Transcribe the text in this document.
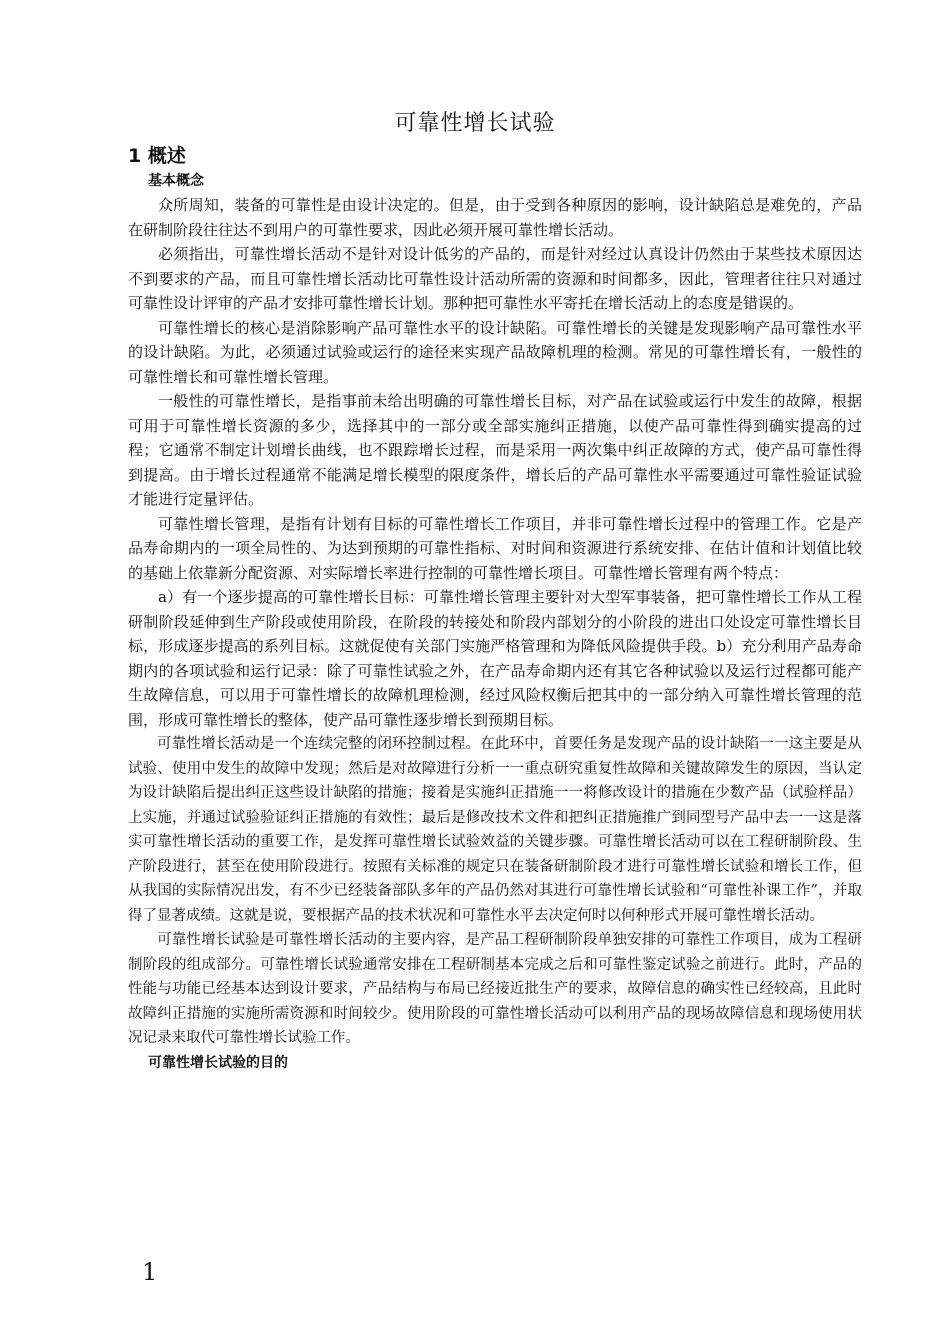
可靠性增长试验
1 概述

基本概念

众所周知，装备的可靠性是由设计决定的。但是，由于受到各种原因的影响，设计缺陷总是难免的，产品在研制阶段往往达不到用户的可靠性要求，因此必须开展可靠性增长活动。

必须指出，可靠性增长活动不是针对设计低劣的产品的，而是针对经过认真设计仍然由于某些技术原因达不到要求的产品，而且可靠性增长活动比可靠性设计活动所需的资源和时间都多，因此，管理者往往只对通过可靠性设计评审的产品才安排可靠性增长计划。那种把可靠性水平寄托在增长活动上的态度是错误的。

可靠性增长的核心是消除影响产品可靠性水平的设计缺陷。可靠性增长的关键是发现影响产品可靠性水平的设计缺陷。为此，必须通过试验或运行的途径来实现产品故障机理的检测。常见的可靠性增长有，一般性的可靠性增长和可靠性增长管理。

一般性的可靠性增长，是指事前未给出明确的可靠性增长目标，对产品在试验或运行中发生的故障，根据可用于可靠性增长资源的多少，选择其中的一部分或全部实施纠正措施，以使产品可靠性得到确实提高的过程；它通常不制定计划增长曲线，也不跟踪增长过程，而是采用一两次集中纠正故障的方式，使产品可靠性得到提高。由于增长过程通常不能满足增长模型的限度条件，增长后的产品可靠性水平需要通过可靠性验证试验才能进行定量评估。

可靠性增长管理，是指有计划有目标的可靠性增长工作项目，并非可靠性增长过程中的管理工作。它是产品寿命期内的一项全局性的、为达到预期的可靠性指标、对时间和资源进行系统安排、在估计值和计划值比较的基础上依靠新分配资源、对实际增长率进行控制的可靠性增长项目。可靠性增长管理有两个特点：

a）有一个逐步提高的可靠性增长目标：可靠性增长管理主要针对大型军事装备，把可靠性增长工作从工程研制阶段延伸到生产阶段或使用阶段，在阶段的转接处和阶段内部划分的小阶段的进出口处设定可靠性增长目标，形成逐步提高的系列目标。这就促使有关部门实施严格管理和为降低风险提供手段。b）充分利用产品寿命期内的各项试验和运行记录：除了可靠性试验之外，在产品寿命期内还有其它各种试验以及运行过程都可能产生故障信息，可以用于可靠性增长的故障机理检测，经过风险权衡后把其中的一部分纳入可靠性增长管理的范围，形成可靠性增长的整体，使产品可靠性逐步增长到预期目标。

可靠性增长活动是一个连续完整的闭环控制过程。在此环中，首要任务是发现产品的设计缺陷一一这主要是从试验、使用中发生的故障中发现；然后是对故障进行分析一一重点研究重复性故障和关键故障发生的原因，当认定为设计缺陷后提出纠正这些设计缺陷的措施；接着是实施纠正措施一一将修改设计的措施在少数产品（试验样品）上实施，并通过试验验证纠正措施的有效性；最后是修改技术文件和把纠正措施推广到同型号产品中去一一这是落实可靠性增长活动的重要工作，是发挥可靠性增长试验效益的关键步骤。可靠性增长活动可以在工程研制阶段、生产阶段进行，甚至在使用阶段进行。按照有关标准的规定只在装备研制阶段才进行可靠性增长试验和增长工作，但从我国的实际情况出发，有不少已经装备部队多年的产品仍然对其进行可靠性增长试验和“可靠性补课工作”，并取得了显著成绩。这就是说，要根据产品的技术状况和可靠性水平去决定何时以何种形式开展可靠性增长活动。

可靠性增长试验是可靠性增长活动的主要内容，是产品工程研制阶段单独安排的可靠性工作项目，成为工程研制阶段的组成部分。可靠性增长试验通常安排在工程研制基本完成之后和可靠性鉴定试验之前进行。此时，产品的性能与功能已经基本达到设计要求，产品结构与布局已经接近批生产的要求，故障信息的确实性已经较高，且此时故障纠正措施的实施所需资源和时间较少。使用阶段的可靠性增长活动可以利用产品的现场故障信息和现场使用状况记录来取代可靠性增长试验工作。

可靠性增长试验的目的

1
